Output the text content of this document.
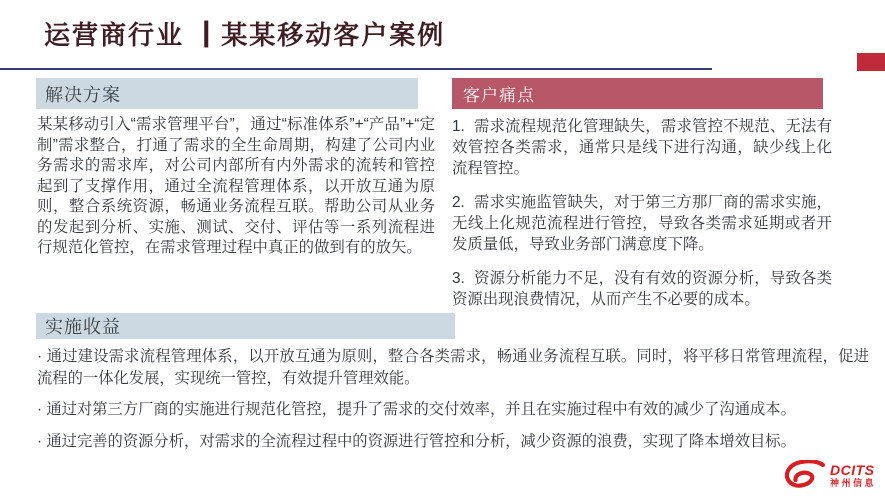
运营商行业 ┃某某移动客户案例
解决方案

某某移动引入“需求管理平台”，通过“标准体系”+“产品”+“定制”需求整合，打通了需求的全生命周期，构建了公司内业务需求的需求库，对公司内部所有内外需求的流转和管控起到了支撑作用，通过全流程管理体系，以开放互通为原则，整合系统资源，畅通业务流程互联。帮助公司从业务的发起到分析、实施、测试、交付、评估等一系列流程进行规范化管控，在需求管理过程中真正的做到有的放矢。

客户痛点

1. 需求流程规范化管理缺失，需求管控不规范、无法有效管控各类需求，通常只是线下进行沟通，缺少线上化流程管控。

2. 需求实施监管缺失，对于第三方那厂商的需求实施，无线上化规范流程进行管控，导致各类需求延期或者开发质量低，导致业务部门满意度下降。

3. 资源分析能力不足，没有有效的资源分析，导致各类资源出现浪费情况，从而产生不必要的成本。

实施收益

· 通过建设需求流程管理体系，以开放互通为原则，整合各类需求，畅通业务流程互联。同时，将平移日常管理流程，促进流程的一体化发展，实现统一管控，有效提升管理效能。

· 通过对第三方厂商的实施进行规范化管控，提升了需求的交付效率，并且在实施过程中有效的减少了沟通成本。

· 通过完善的资源分析，对需求的全流程过程中的资源进行管控和分析，减少资源的浪费，实现了降本增效目标。

DCITS
神州信息
